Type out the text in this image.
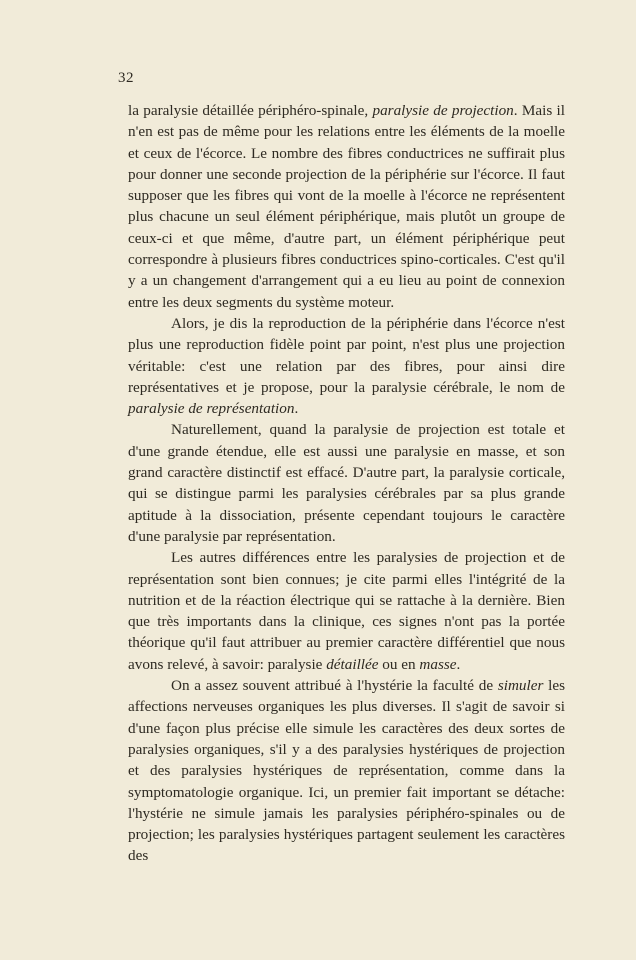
32

la paralysie détaillée périphéro-spinale, paralysie de projection. Mais il n'en est pas de même pour les relations entre les éléments de la moelle et ceux de l'écorce. Le nombre des fibres conductrices ne suffirait plus pour donner une seconde projection de la périphérie sur l'écorce. Il faut supposer que les fibres qui vont de la moelle à l'écorce ne représentent plus chacune un seul élément périphérique, mais plutôt un groupe de ceux-ci et que même, d'autre part, un élément périphérique peut correspondre à plusieurs fibres conductrices spino-corticales. C'est qu'il y a un changement d'arrangement qui a eu lieu au point de connexion entre les deux segments du système moteur.

Alors, je dis la reproduction de la périphérie dans l'écorce n'est plus une reproduction fidèle point par point, n'est plus une projection véritable: c'est une relation par des fibres, pour ainsi dire représentatives et je propose, pour la paralysie cérébrale, le nom de paralysie de représentation.

Naturellement, quand la paralysie de projection est totale et d'une grande étendue, elle est aussi une paralysie en masse, et son grand caractère distinctif est effacé. D'autre part, la paralysie corticale, qui se distingue parmi les paralysies cérébrales par sa plus grande aptitude à la dissociation, présente cependant toujours le caractère d'une paralysie par représentation.

Les autres différences entre les paralysies de projection et de représentation sont bien connues; je cite parmi elles l'intégrité de la nutrition et de la réaction électrique qui se rattache à la dernière. Bien que très importants dans la clinique, ces signes n'ont pas la portée théorique qu'il faut attribuer au premier caractère différentiel que nous avons relevé, à savoir: paralysie détaillée ou en masse.

On a assez souvent attribué à l'hystérie la faculté de simuler les affections nerveuses organiques les plus diverses. Il s'agit de savoir si d'une façon plus précise elle simule les caractères des deux sortes de paralysies organiques, s'il y a des paralysies hystériques de projection et des paralysies hystériques de représentation, comme dans la symptomatologie organique. Ici, un premier fait important se détache: l'hystérie ne simule jamais les paralysies périphéro-spinales ou de projection; les paralysies hystériques partagent seulement les caractères des
